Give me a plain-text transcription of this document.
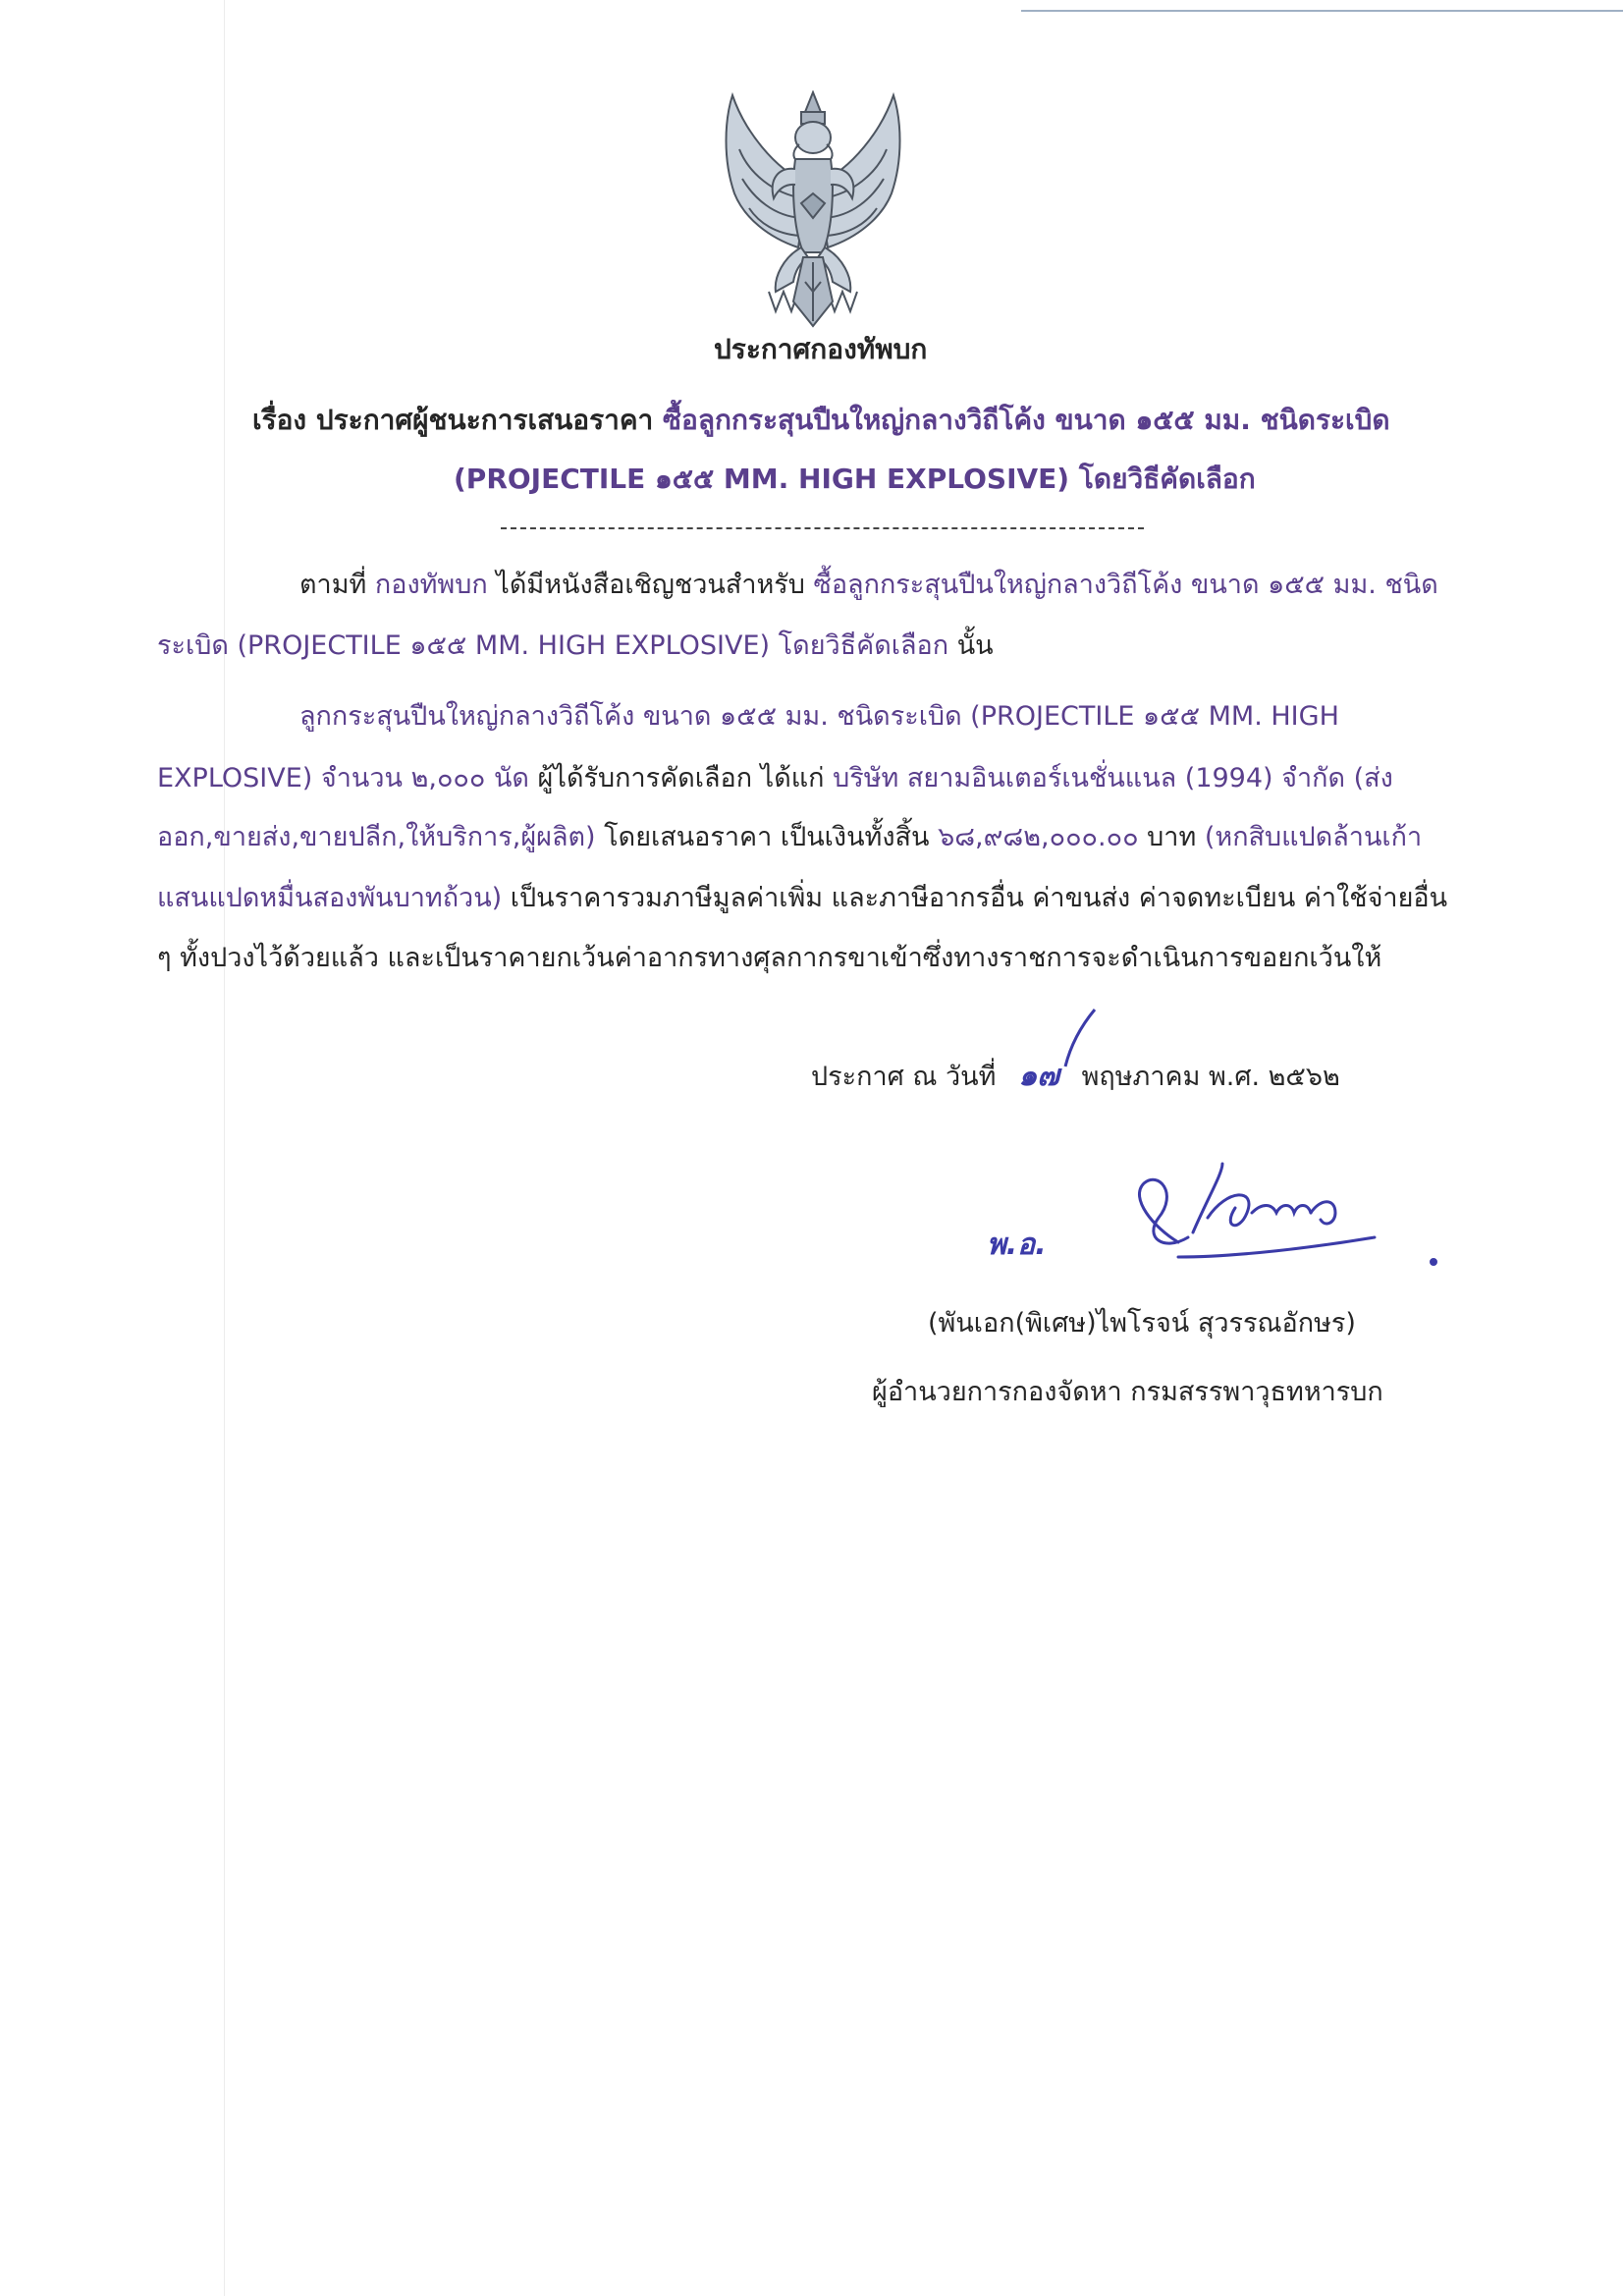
ประกาศกองทัพบก
เรื่อง ประกาศผู้ชนะการเสนอราคา ซื้อลูกกระสุนปืนใหญ่กลางวิถีโค้ง ขนาด ๑๕๕ มม. ชนิดระเบิด
(PROJECTILE ๑๕๕ MM. HIGH EXPLOSIVE) โดยวิธีคัดเลือก
ตามที่ กองทัพบก ได้มีหนังสือเชิญชวนสำหรับ ซื้อลูกกระสุนปืนใหญ่กลางวิถีโค้ง ขนาด ๑๕๕ มม. ชนิด
ระเบิด (PROJECTILE ๑๕๕ MM. HIGH EXPLOSIVE) โดยวิธีคัดเลือก นั้น
ลูกกระสุนปืนใหญ่กลางวิถีโค้ง ขนาด ๑๕๕ มม. ชนิดระเบิด (PROJECTILE ๑๕๕ MM. HIGH
EXPLOSIVE) จำนวน ๒,๐๐๐ นัด ผู้ได้รับการคัดเลือก ได้แก่ บริษัท สยามอินเตอร์เนชั่นแนล (1994) จำกัด (ส่ง
ออก,ขายส่ง,ขายปลีก,ให้บริการ,ผู้ผลิต) โดยเสนอราคา เป็นเงินทั้งสิ้น ๖๘,๙๘๒,๐๐๐.๐๐ บาท (หกสิบแปดล้านเก้า
แสนแปดหมื่นสองพันบาทถ้วน) เป็นราคารวมภาษีมูลค่าเพิ่ม และภาษีอากรอื่น ค่าขนส่ง ค่าจดทะเบียน ค่าใช้จ่ายอื่น
ๆ ทั้งปวงไว้ด้วยแล้ว และเป็นราคายกเว้นค่าอากรทางศุลกากรขาเข้าซึ่งทางราชการจะดำเนินการขอยกเว้นให้
ประกาศ ณ วันที่ ๑๗ พฤษภาคม พ.ศ. ๒๕๖๒
พ.อ.
(พันเอก(พิเศษ)ไพโรจน์ สุวรรณอักษร)
ผู้อำนวยการกองจัดหา กรมสรรพาวุธทหารบก
